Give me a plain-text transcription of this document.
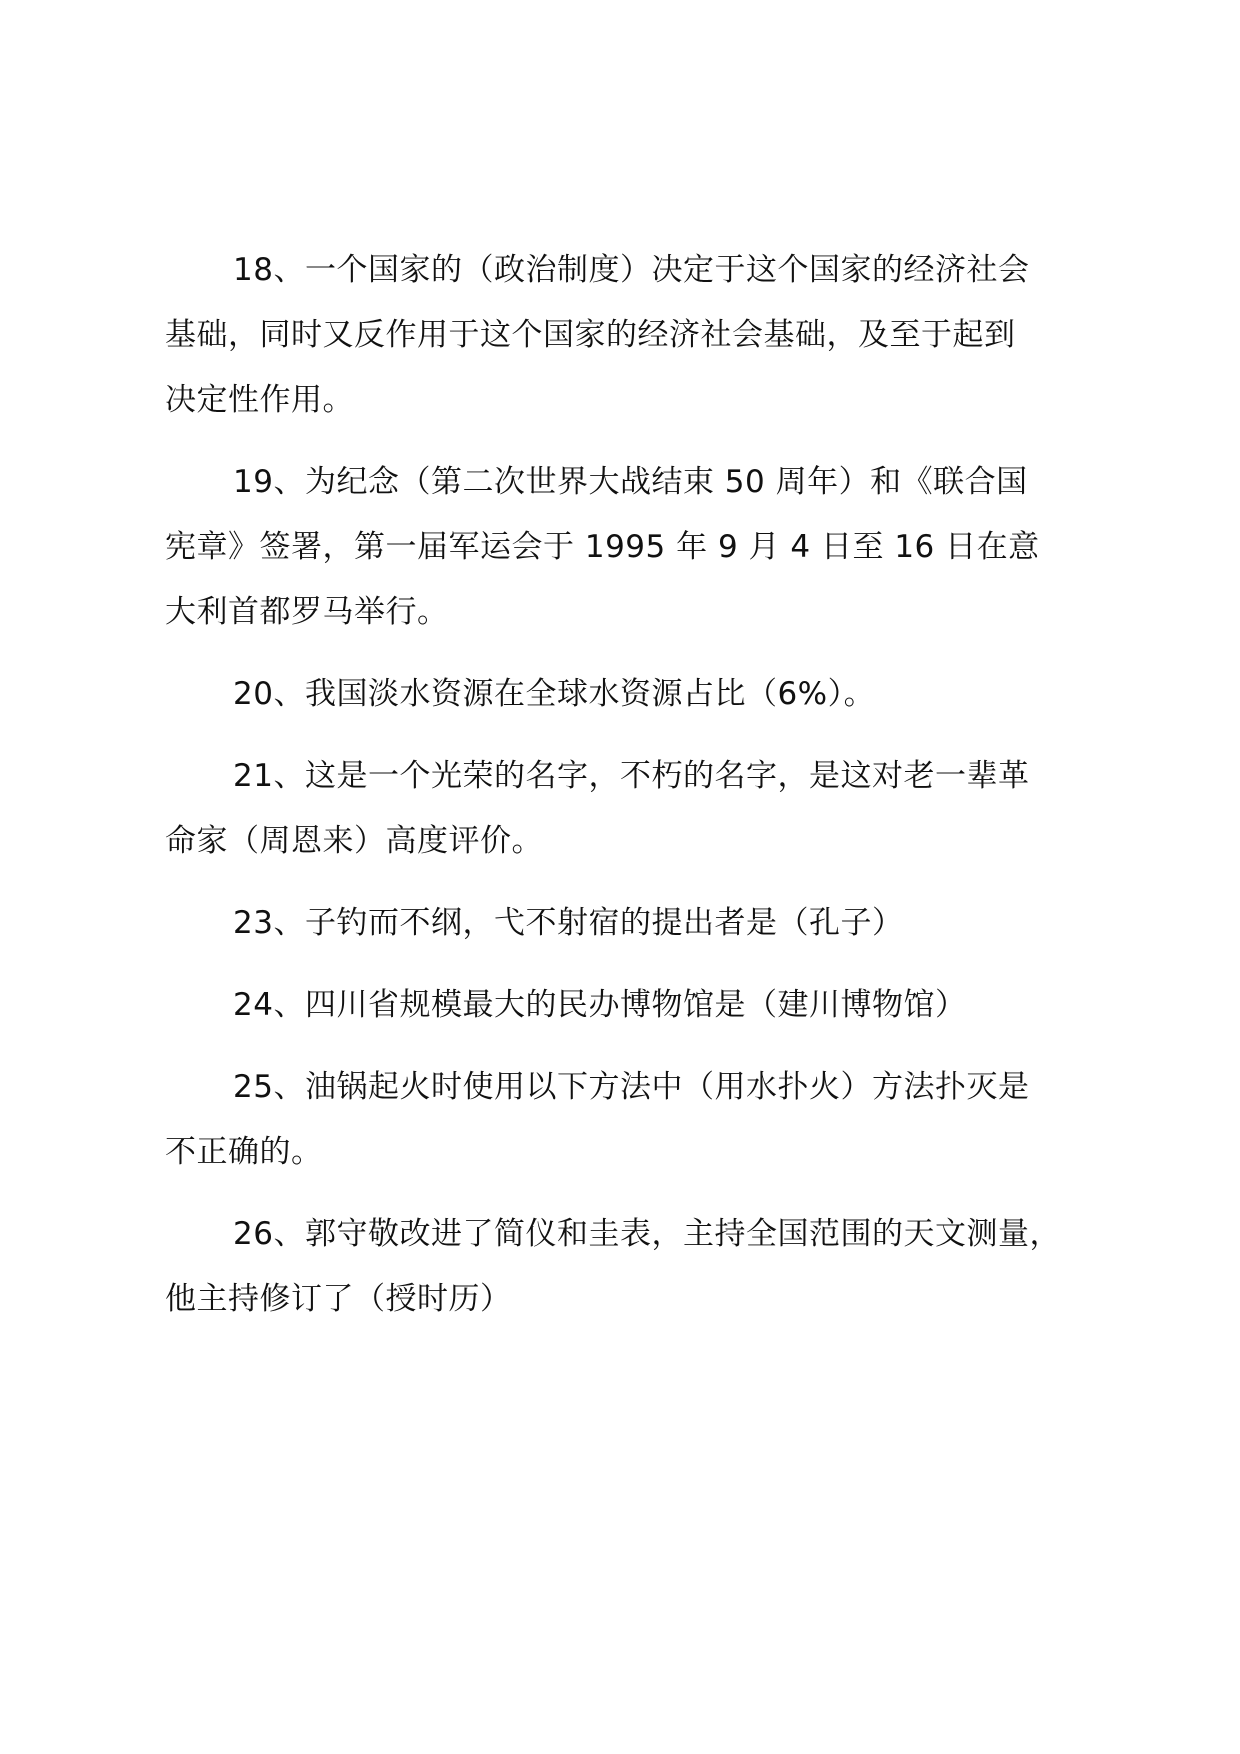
18、一个国家的（政治制度）决定于这个国家的经济社会
基础，同时又反作用于这个国家的经济社会基础，及至于起到
决定性作用。

19、为纪念（第二次世界大战结束 50 周年）和《联合国
宪章》签署，第一届军运会于 1995 年 9 月 4 日至 16 日在意
大利首都罗马举行。

20、我国淡水资源在全球水资源占比（6%）。

21、这是一个光荣的名字，不朽的名字，是这对老一辈革
命家（周恩来）高度评价。

23、子钓而不纲，弋不射宿的提出者是（孔子）

24、四川省规模最大的民办博物馆是（建川博物馆）

25、油锅起火时使用以下方法中（用水扑火）方法扑灭是
不正确的。

26、郭守敬改进了简仪和圭表，主持全国范围的天文测量，
他主持修订了（授时历）
